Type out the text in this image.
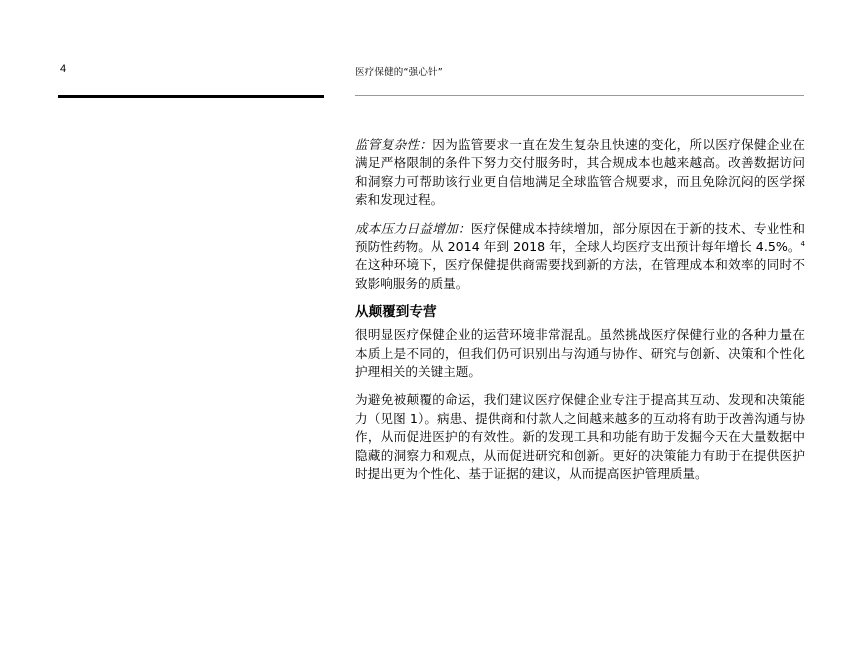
4	医疗保健的“强心针”

监管复杂性：因为监管要求一直在发生复杂且快速的变化，所以医疗保健企业在满足严格限制的条件下努力交付服务时，其合规成本也越来越高。改善数据访问和洞察力可帮助该行业更自信地满足全球监管合规要求，而且免除沉闷的医学探索和发现过程。

成本压力日益增加：医疗保健成本持续增加，部分原因在于新的技术、专业性和预防性药物。从 2014 年到 2018 年，全球人均医疗支出预计每年增长 4.5%。$^4$在这种环境下，医疗保健提供商需要找到新的方法，在管理成本和效率的同时不致影响服务的质量。

从颠覆到专营

很明显医疗保健企业的运营环境非常混乱。虽然挑战医疗保健行业的各种力量在本质上是不同的，但我们仍可识别出与沟通与协作、研究与创新、决策和个性化护理相关的关键主题。

为避免被颠覆的命运，我们建议医疗保健企业专注于提高其互动、发现和决策能力（见图 1）。病患、提供商和付款人之间越来越多的互动将有助于改善沟通与协作，从而促进医护的有效性。新的发现工具和功能有助于发掘今天在大量数据中隐藏的洞察力和观点，从而促进研究和创新。更好的决策能力有助于在提供医护时提出更为个性化、基于证据的建议，从而提高医护管理质量。
